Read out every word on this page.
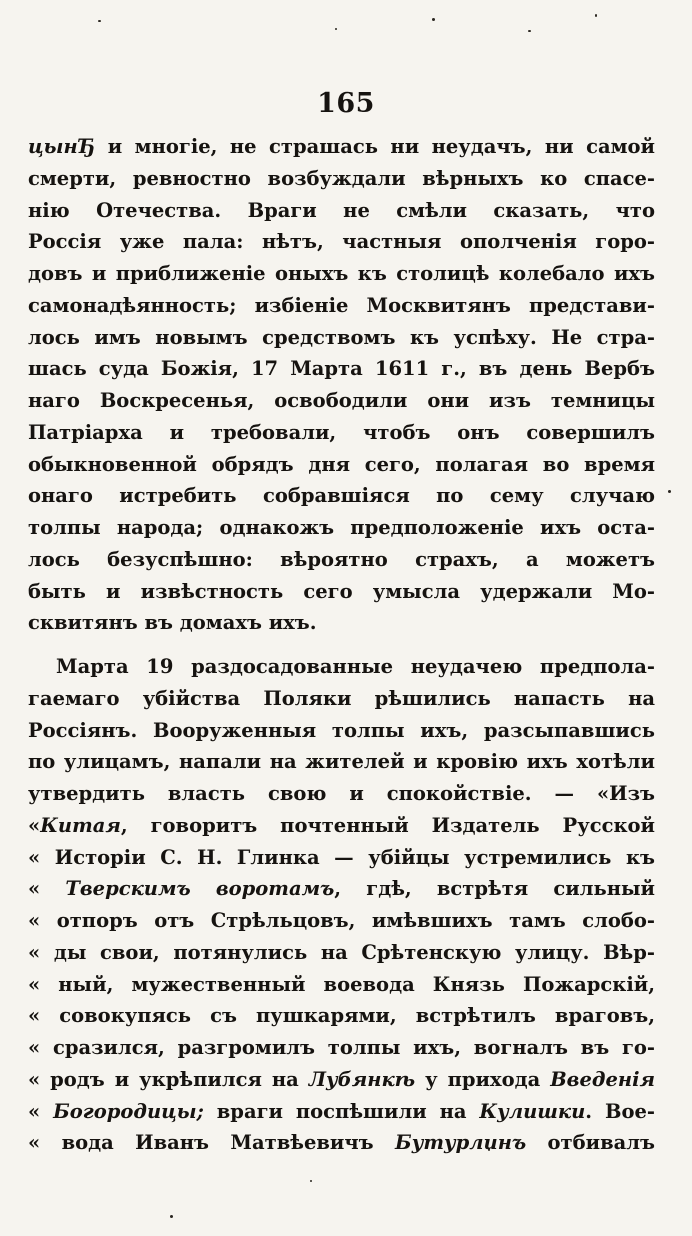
165
цынЂ и многіе, не страшась ни неудачъ, ни самой
смерти, ревностно возбуждали вѣрныхъ ко спасе-
нію Отечества. Враги не смѣли сказать, что
Россія уже пала: нѣтъ, частныя ополченія горо-
довъ и приближеніе оныхъ къ столицѣ колебало ихъ
самонадѣянность; избіеніе Москвитянъ представи-
лось имъ новымъ средствомъ къ успѣху. Не стра-
шась суда Божія, 17 Марта 1611 г., въ день Вербъ
наго Воскресенья, освободили они изъ темницы
Патріарха и требовали, чтобъ онъ совершилъ
обыкновенной обрядъ дня сего, полагая во время
онаго истребить собравшіяся по сему случаю
толпы народа; однакожъ предположеніе ихъ оста-
лось безуспѣшно: вѣроятно страхъ, а можетъ
быть и извѣстность сего умысла удержали Мо-
сквитянъ въ домахъ ихъ.
Марта 19 раздосадованные неудачею предпола-
гаемаго убійства Поляки рѣшились напасть на
Россіянъ. Вооруженныя толпы ихъ, разсыпавшись
по улицамъ, напали на жителей и кровію ихъ хотѣли
утвердить власть свою и спокойствіе. — «Изъ
«Китая, говоритъ почтенный Издатель Русской
« Исторіи С. Н. Глинка — убійцы устремились къ
« Тверскимъ воротамъ, гдѣ, встрѣтя сильный
« отпоръ отъ Стрѣльцовъ, имѣвшихъ тамъ слобо-
« ды свои, потянулись на Срѣтенскую улицу. Вѣр-
« ный, мужественный воевода Князь Пожарскій,
« совокупясь съ пушкарями, встрѣтилъ враговъ,
« сразился, разгромилъ толпы ихъ, вогналъ въ го-
« родъ и укрѣпился на Лубянкѣ у прихода Введенія
« Богородицы; враги поспѣшили на Кулишки. Вое-
« вода Иванъ Матвѣевичъ Бутурлинъ отбивалъ
